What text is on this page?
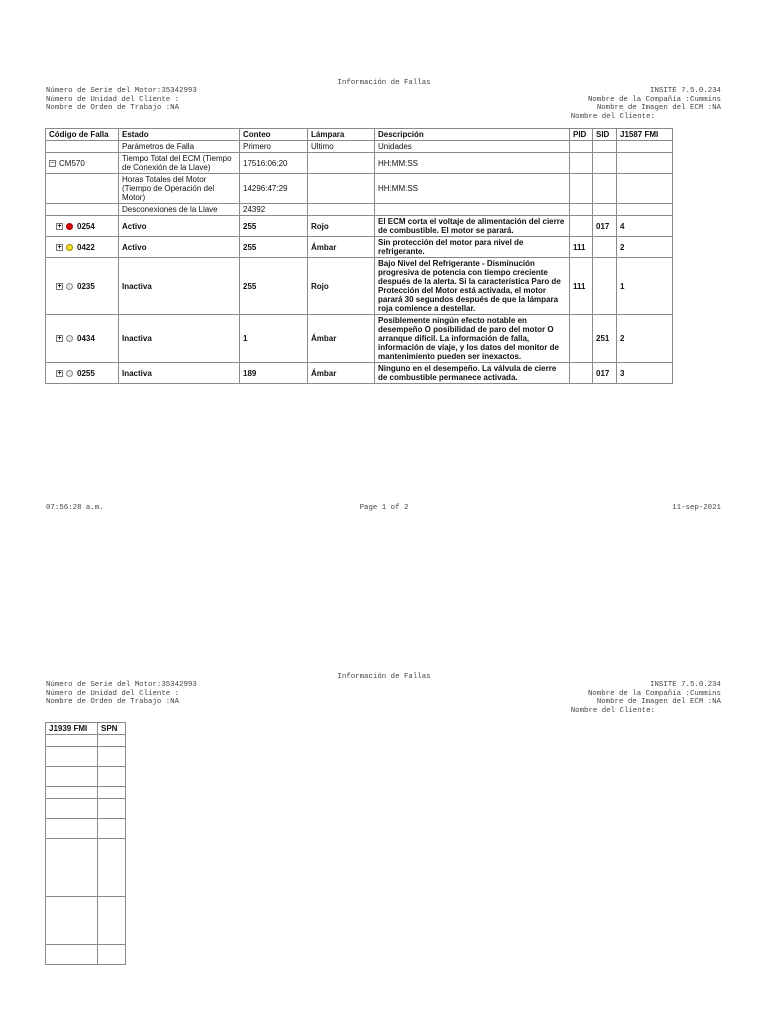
Información de Fallas
Número de Serie del Motor:35342993
Número de Unidad del Cliente :
Nombre de Orden de Trabajo :NA
INSITE 7.5.0.234
Nombre de la Compañía :Cummins
Nombre de Imagen del ECM :NA
Nombre del Cliente:
Código de Falla	Estado	Conteo	Lámpara	Descripción	PID	SID	J1587 FMI
	Parámetros de Falla	Primero	Ultimo	Unidades			
− CM570	Tiempo Total del ECM (Tiempo de Conexión de la Llave)	17516:06:20		HH:MM:SS			
	Horas Totales del Motor (Tiempo de Operación del Motor)	14296:47:29		HH:MM:SS			
	Desconexiones de la Llave	24392					
+ 0254	Activo	255	Rojo	El ECM corta el voltaje de alimentación del cierre de combustible. El motor se parará.		017	4
+ 0422	Activo	255	Ámbar	Sin protección del motor para nivel de refrigerante.	111		2
+ 0235	Inactiva	255	Rojo	Bajo Nivel del Refrigerante - Disminución progresiva de potencia con tiempo creciente después de la alerta. Si la característica Paro de Protección del Motor está activada, el motor parará 30 segundos después de que la lámpara roja comience a destellar.	111		1
+ 0434	Inactiva	1	Ámbar	Posiblemente ningún efecto notable en desempeño O posibilidad de paro del motor O arranque difícil. La información de falla, información de viaje, y los datos del monitor de mantenimiento pueden ser inexactos.		251	2
+ 0255	Inactiva	189	Ámbar	Ninguno en el desempeño. La válvula de cierre de combustible permanece activada.		017	3
07:56:28 a.m.	Page 1 of 2	11-sep-2021
Información de Fallas
Número de Serie del Motor:35342993
Número de Unidad del Cliente :
Nombre de Orden de Trabajo :NA
INSITE 7.5.0.234
Nombre de la Compañía :Cummins
Nombre de Imagen del ECM :NA
Nombre del Cliente:
J1939 FMI	SPN
